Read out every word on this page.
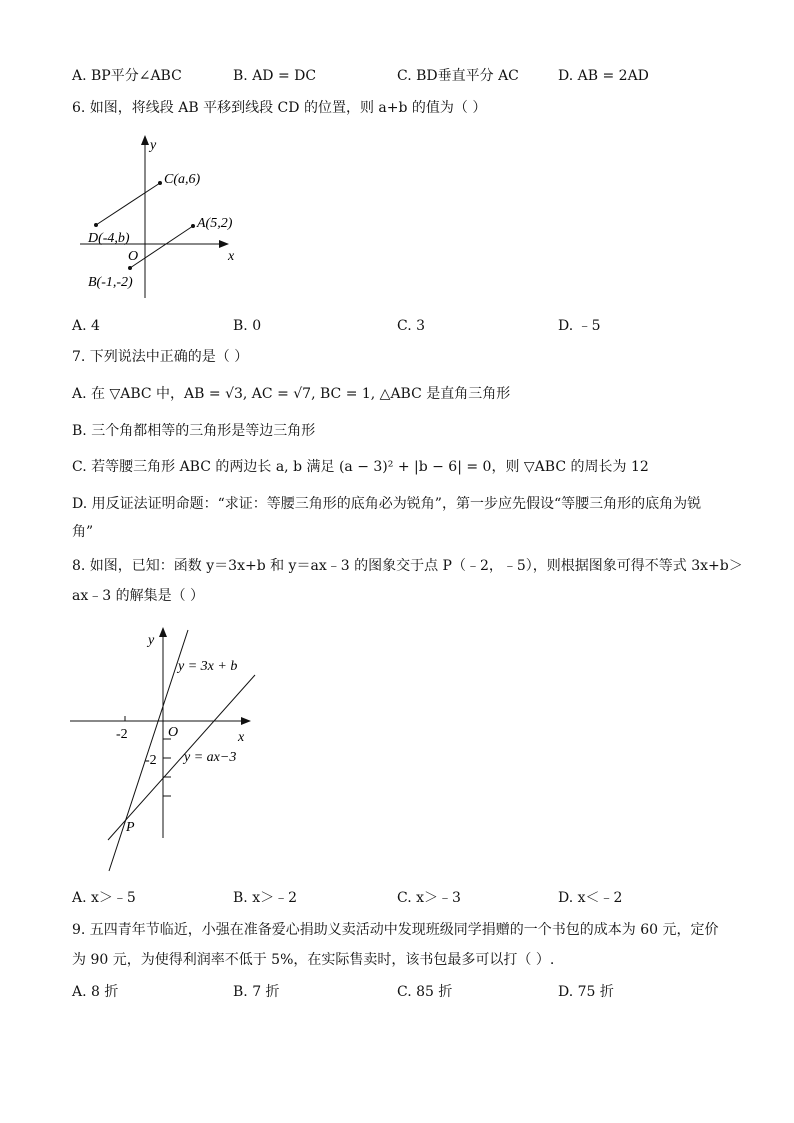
A. BP平分∠ABC	B. AD = DC	C. BD垂直平分 AC	D. AB = 2AD
6. 如图，将线段 AB 平移到线段 CD 的位置，则 a+b 的值为（ ）
y
x
O
C(a,6)
D(-4,b)
A(5,2)
B(-1,-2)
A. 4	B. 0	C. 3	D. ﹣5
7. 下列说法中正确的是（ ）
A. 在 ▽ABC 中，AB = √3, AC = √7, BC = 1, △ABC 是直角三角形
B. 三个角都相等的三角形是等边三角形
C. 若等腰三角形 ABC 的两边长 a, b 满足 (a − 3)² + |b − 6| = 0，则 ▽ABC 的周长为 12
D. 用反证法证明命题：“求证：等腰三角形的底角必为锐角”，第一步应先假设“等腰三角形的底角为锐
角”
8. 如图，已知：函数 y＝3x+b 和 y＝ax﹣3 的图象交于点 P（﹣2，﹣5），则根据图象可得不等式 3x+b＞
ax﹣3 的解集是（ ）
y
x
O
-2
-2
y = 3x + b
y = ax−3
P
A. x＞﹣5	B. x＞﹣2	C. x＞﹣3	D. x＜﹣2
9. 五四青年节临近，小强在准备爱心捐助义卖活动中发现班级同学捐赠的一个书包的成本为 60 元，定价
为 90 元，为使得利润率不低于 5%，在实际售卖时，该书包最多可以打（ ）.
A. 8 折	B. 7 折	C. 85 折	D. 75 折
